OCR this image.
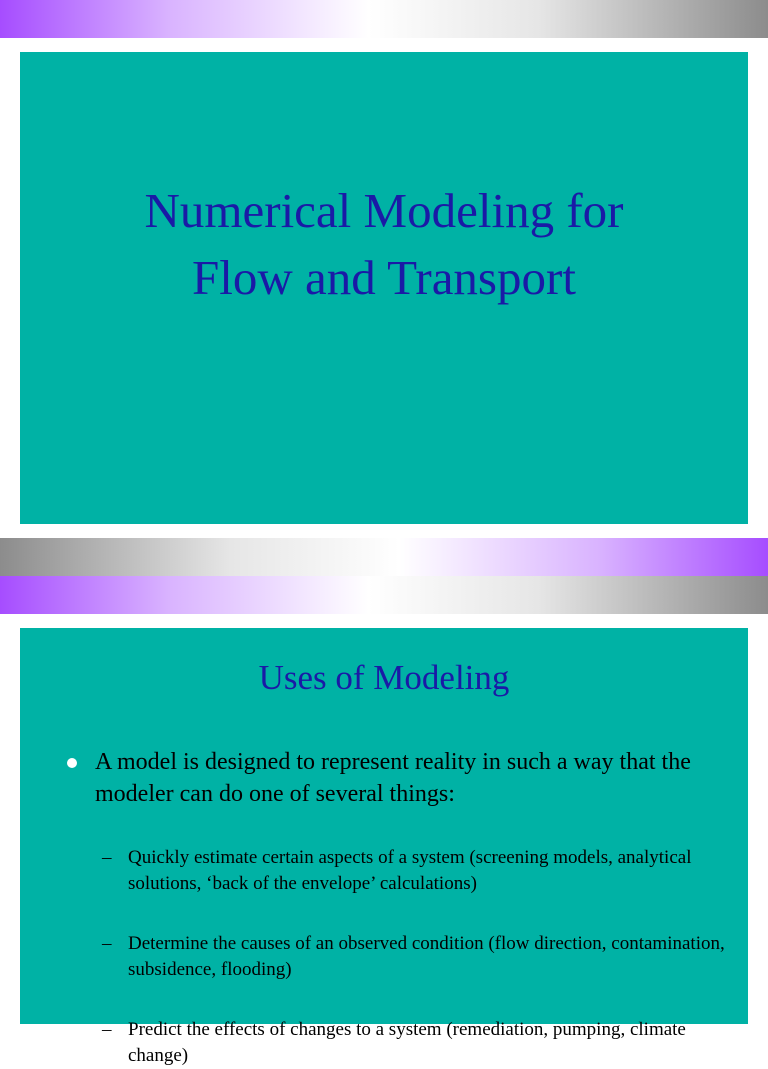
Numerical Modeling for
Flow and Transport
Uses of Modeling
A model is designed to represent reality in such a way that the modeler can do one of several things:
– Quickly estimate certain aspects of a system (screening models, analytical solutions, ‘back of the envelope’ calculations)
– Determine the causes of an observed condition (flow direction, contamination, subsidence, flooding)
– Predict the effects of changes to a system (remediation, pumping, climate change)
